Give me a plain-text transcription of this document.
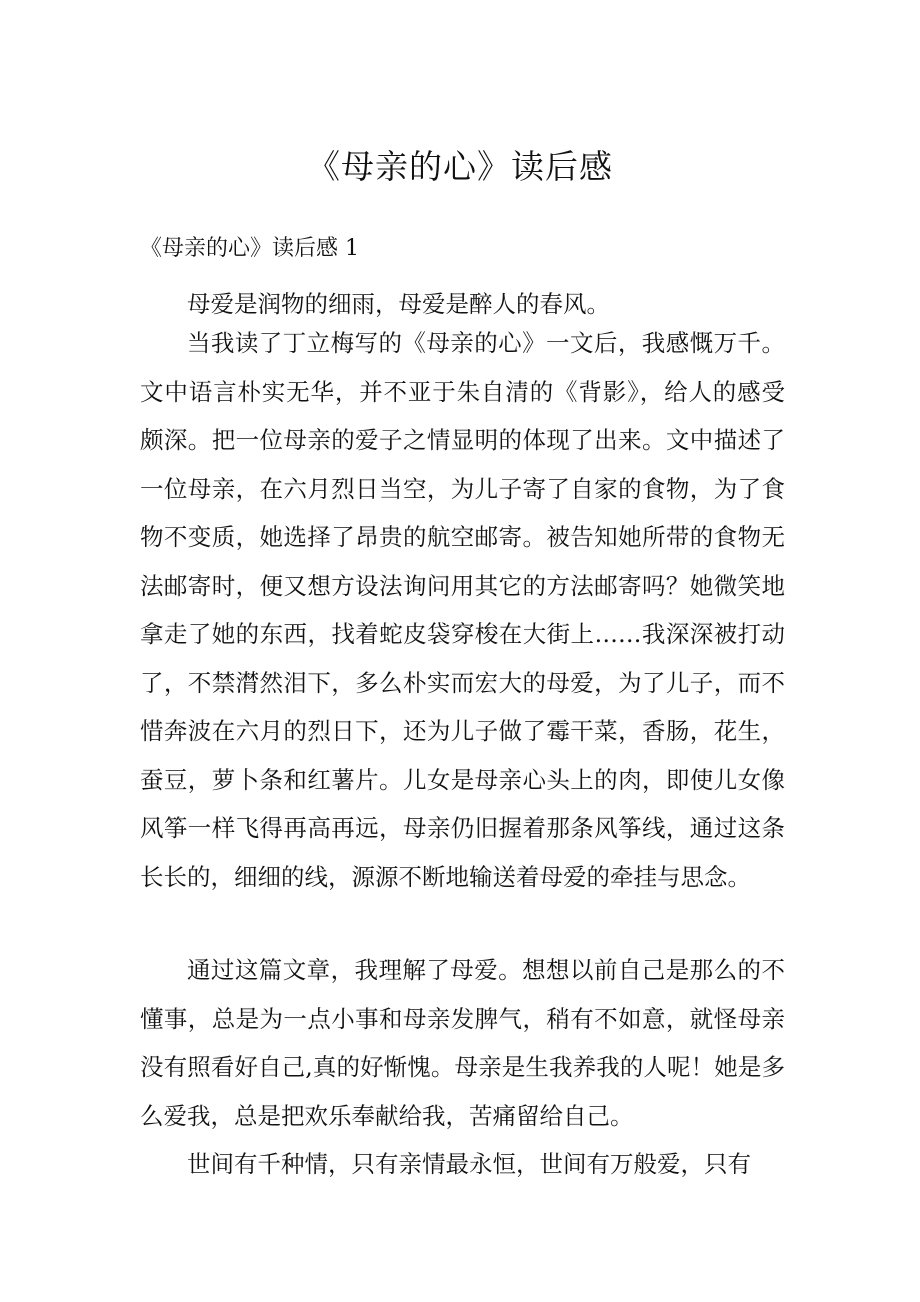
《母亲的心》读后感
《母亲的心》读后感 1

母爱是润物的细雨，母爱是醉人的春风。

当我读了丁立梅写的《母亲的心》一文后，我感慨万千。文中语言朴实无华，并不亚于朱自清的《背影》，给人的感受颇深。把一位母亲的爱子之情显明的体现了出来。文中描述了一位母亲，在六月烈日当空，为儿子寄了自家的食物，为了食物不变质，她选择了昂贵的航空邮寄。被告知她所带的食物无法邮寄时，便又想方设法询问用其它的方法邮寄吗？她微笑地拿走了她的东西，找着蛇皮袋穿梭在大街上……我深深被打动了，不禁潸然泪下，多么朴实而宏大的母爱，为了儿子，而不惜奔波在六月的烈日下，还为儿子做了霉干菜，香肠，花生，蚕豆，萝卜条和红薯片。儿女是母亲心头上的肉，即使儿女像风筝一样飞得再高再远，母亲仍旧握着那条风筝线，通过这条长长的，细细的线，源源不断地输送着母爱的牵挂与思念。

通过这篇文章，我理解了母爱。想想以前自己是那么的不懂事，总是为一点小事和母亲发脾气，稍有不如意，就怪母亲没有照看好自己,真的好惭愧。母亲是生我养我的人呢！她是多么爱我，总是把欢乐奉献给我，苦痛留给自己。

世间有千种情，只有亲情最永恒，世间有万般爱，只有
